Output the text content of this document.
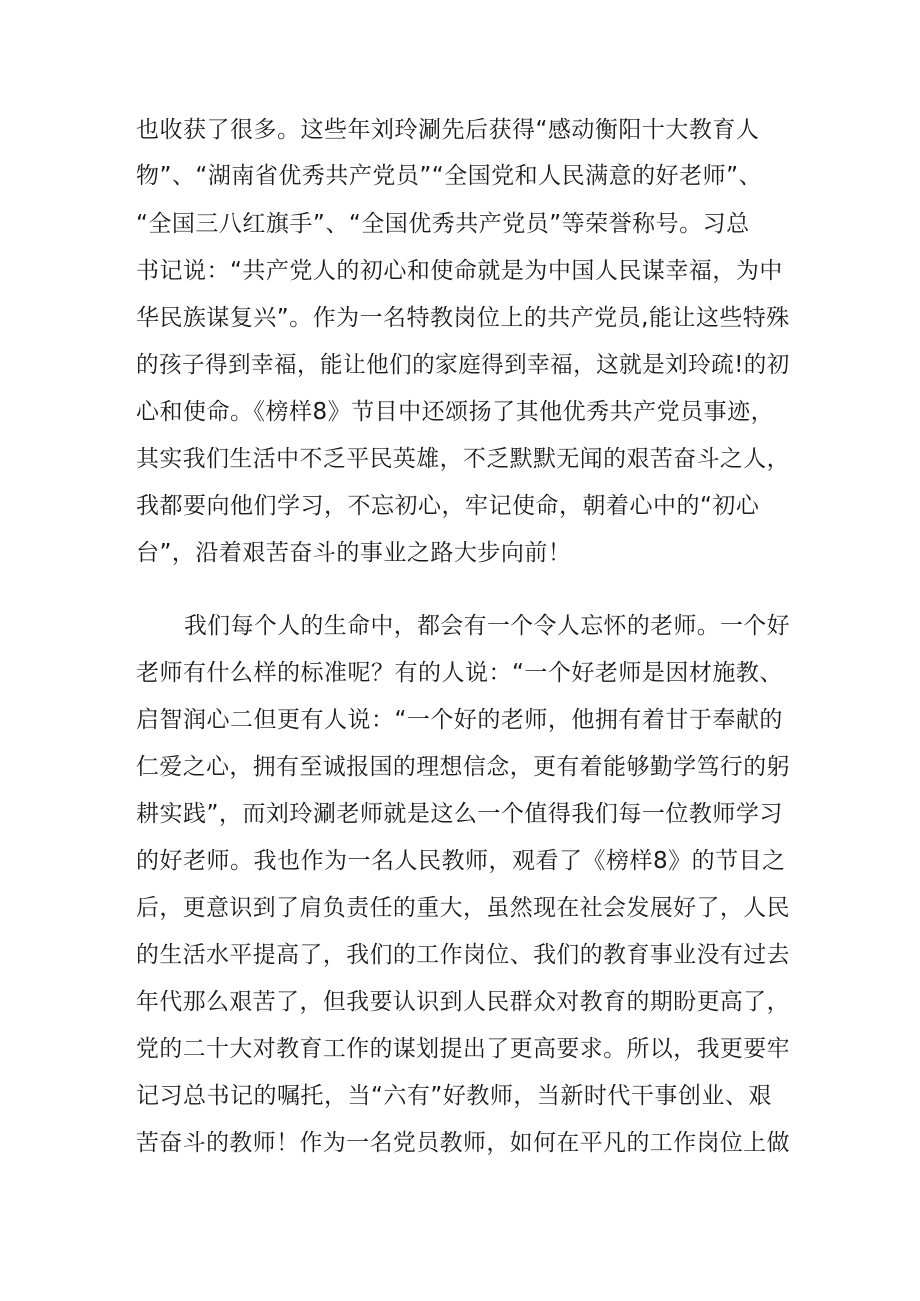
也收获了很多。这些年刘玲涮先后获得“感动衡阳十大教育人
物”、“湖南省优秀共产党员”“全国党和人民满意的好老师”、
“全国三八红旗手”、“全国优秀共产党员”等荣誉称号。习总
书记说：“共产党人的初心和使命就是为中国人民谋幸福，为中
华民族谋复兴”。作为一名特教岗位上的共产党员,能让这些特殊
的孩子得到幸福，能让他们的家庭得到幸福，这就是刘玲疏!的初
心和使命。《榜样8》节目中还颂扬了其他优秀共产党员事迹，
其实我们生活中不乏平民英雄，不乏默默无闻的艰苦奋斗之人，
我都要向他们学习，不忘初心，牢记使命，朝着心中的“初心
台”，沿着艰苦奋斗的事业之路大步向前！
我们每个人的生命中，都会有一个令人忘怀的老师。一个好
老师有什么样的标准呢？有的人说：“一个好老师是因材施教、
启智润心二但更有人说：“一个好的老师，他拥有着甘于奉献的
仁爱之心，拥有至诚报国的理想信念，更有着能够勤学笃行的躬
耕实践”，而刘玲涮老师就是这么一个值得我们每一位教师学习
的好老师。我也作为一名人民教师，观看了《榜样8》的节目之
后，更意识到了肩负责任的重大，虽然现在社会发展好了，人民
的生活水平提高了，我们的工作岗位、我们的教育事业没有过去
年代那么艰苦了，但我要认识到人民群众对教育的期盼更高了，
党的二十大对教育工作的谋划提出了更高要求。所以，我更要牢
记习总书记的嘱托，当“六有”好教师，当新时代干事创业、艰
苦奋斗的教师！作为一名党员教师，如何在平凡的工作岗位上做
